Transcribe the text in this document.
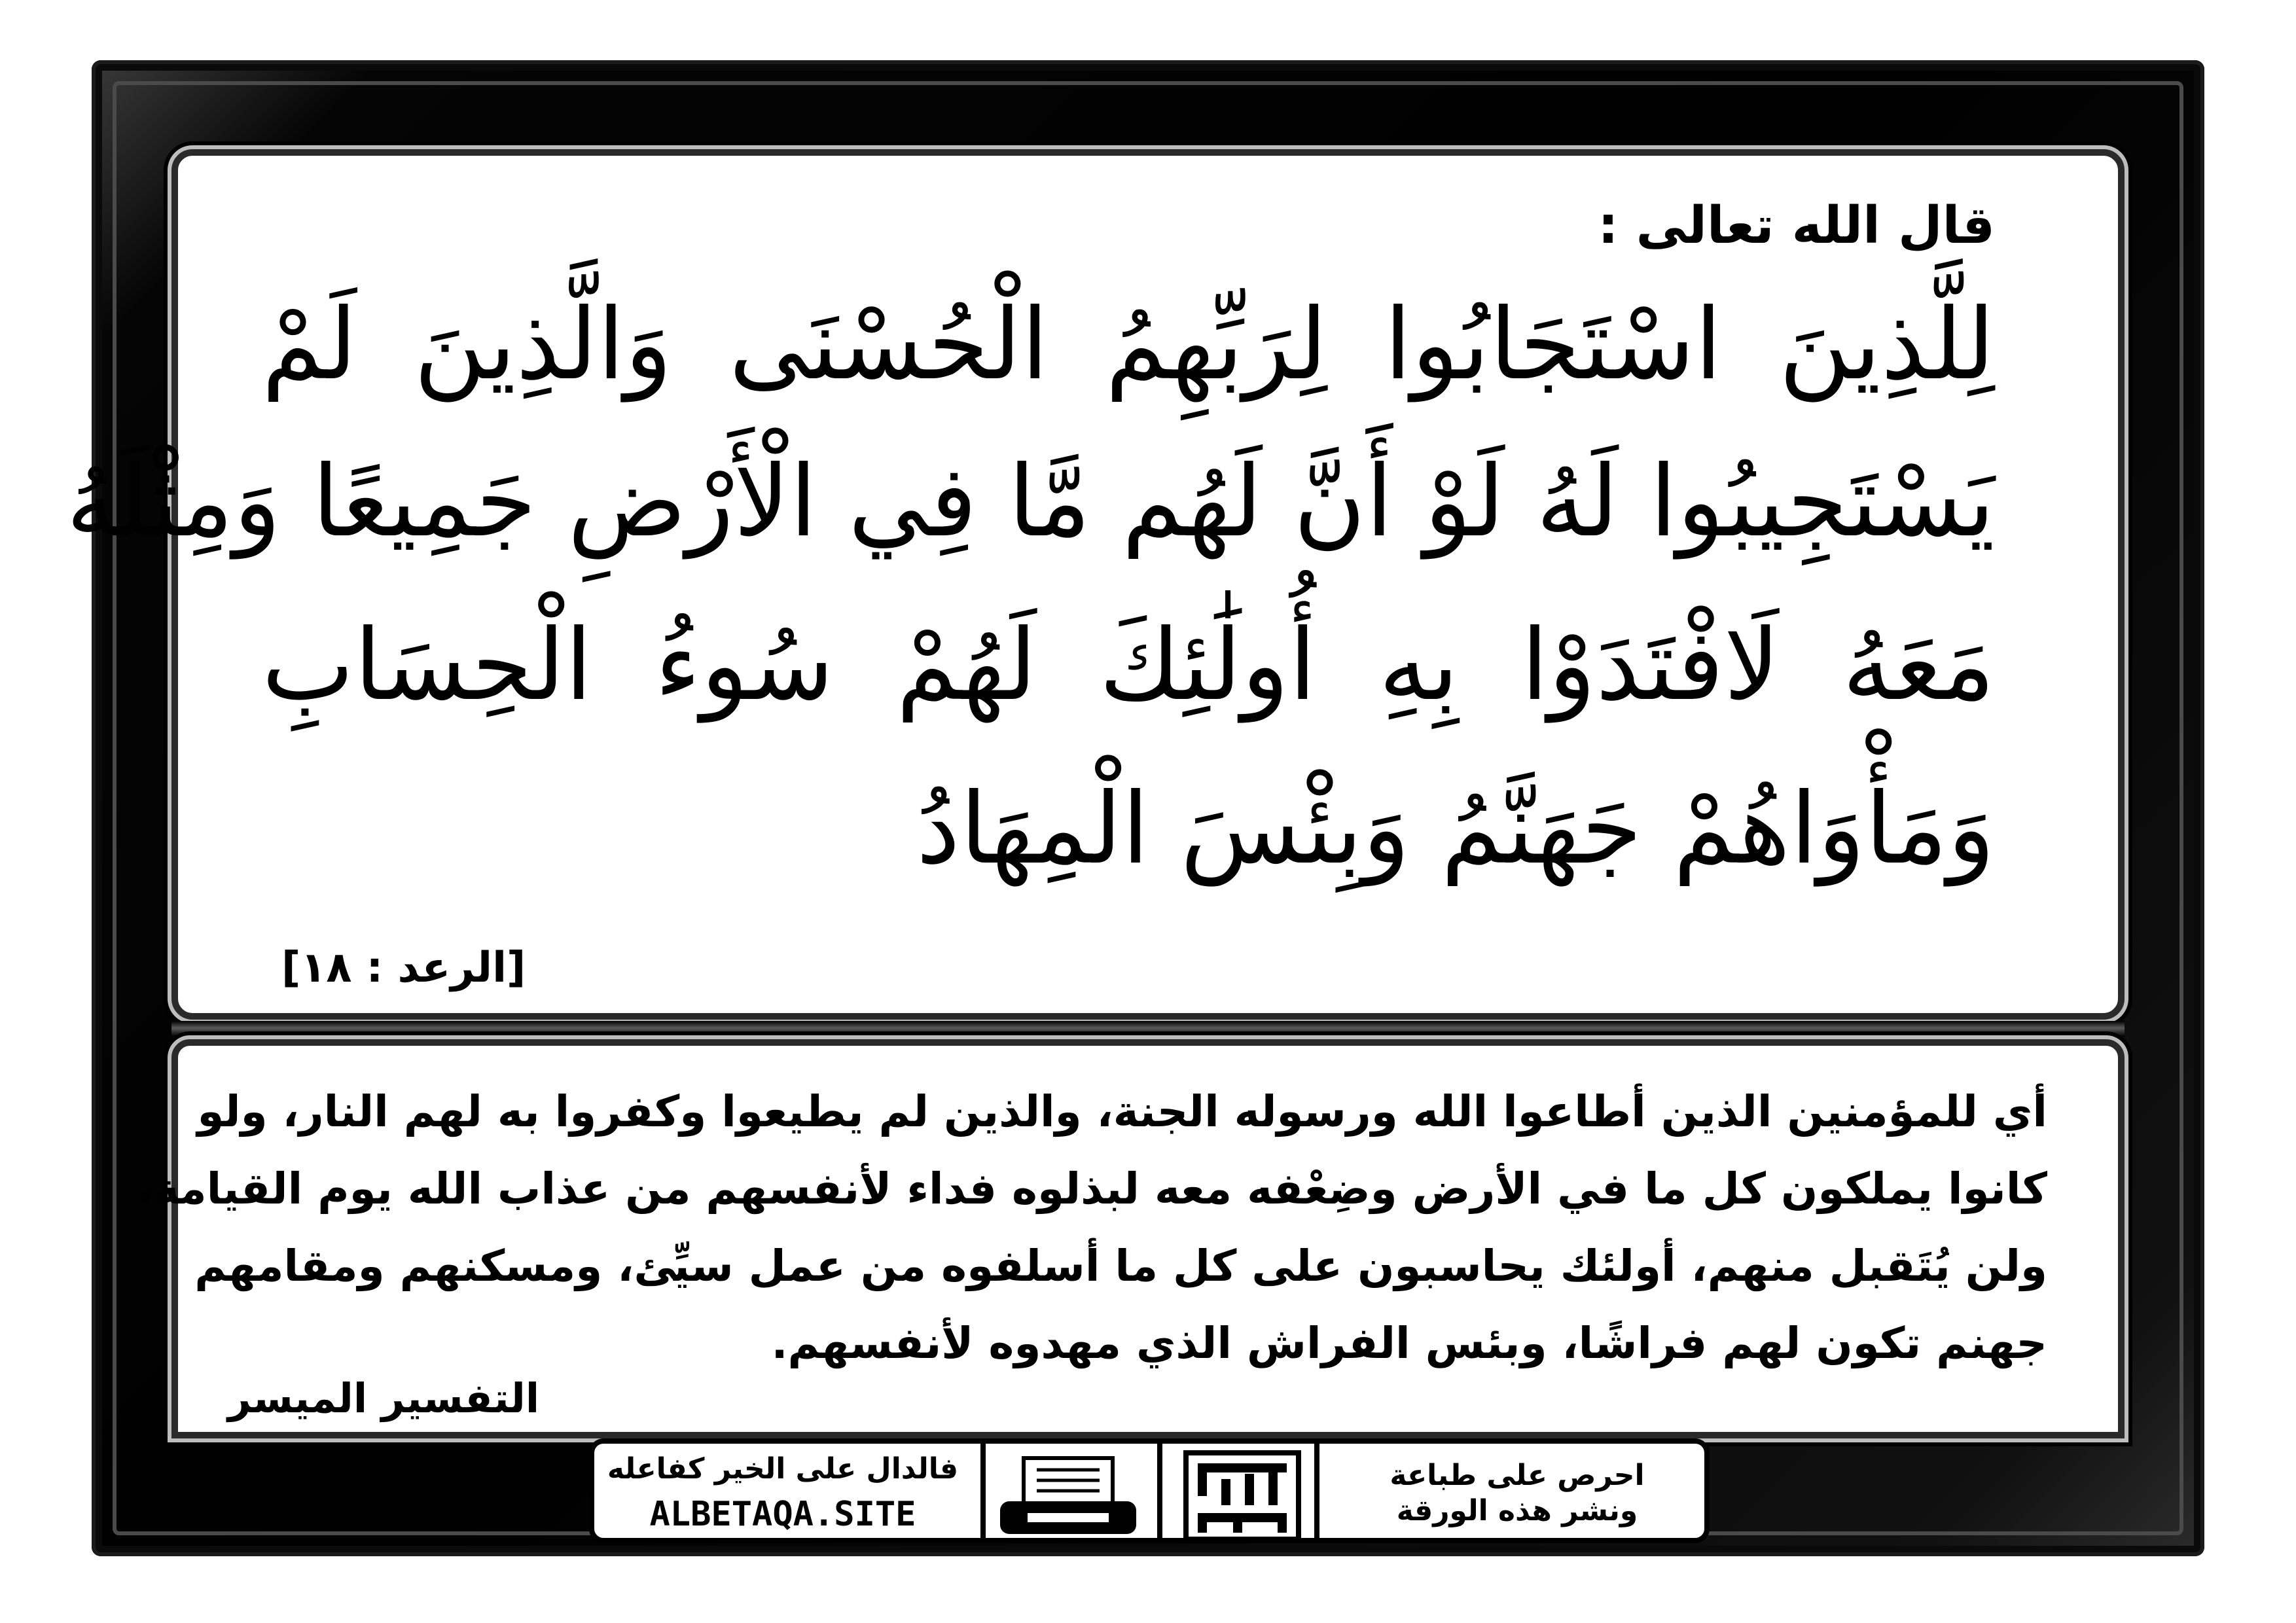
قال الله تعالى :
لِلَّذِينَ اسْتَجَابُوا لِرَبِّهِمُ الْحُسْنَى وَالَّذِينَ لَمْ
يَسْتَجِيبُوا لَهُ لَوْ أَنَّ لَهُم مَّا فِي الْأَرْضِ جَمِيعًا وَمِثْلَهُ
مَعَهُ لَافْتَدَوْا بِهِ أُولَٰئِكَ لَهُمْ سُوءُ الْحِسَابِ
وَمَأْوَاهُمْ جَهَنَّمُ وَبِئْسَ الْمِهَادُ
[الرعد : ١٨]
أي للمؤمنين الذين أطاعوا الله ورسوله الجنة، والذين لم يطيعوا وكفروا به لهم النار، ولو
كانوا يملكون كل ما في الأرض وضِعْفه معه لبذلوه فداء لأنفسهم من عذاب الله يوم القيامة،
ولن يُتَقبل منهم، أولئك يحاسبون على كل ما أسلفوه من عمل سيِّئ، ومسكنهم ومقامهم
جهنم تكون لهم فراشًا، وبئس الفراش الذي مهدوه لأنفسهم.
التفسير الميسر
فالدال على الخير كفاعله
ALBETAQA.SITE
احرص على طباعة
ونشر هذه الورقة
